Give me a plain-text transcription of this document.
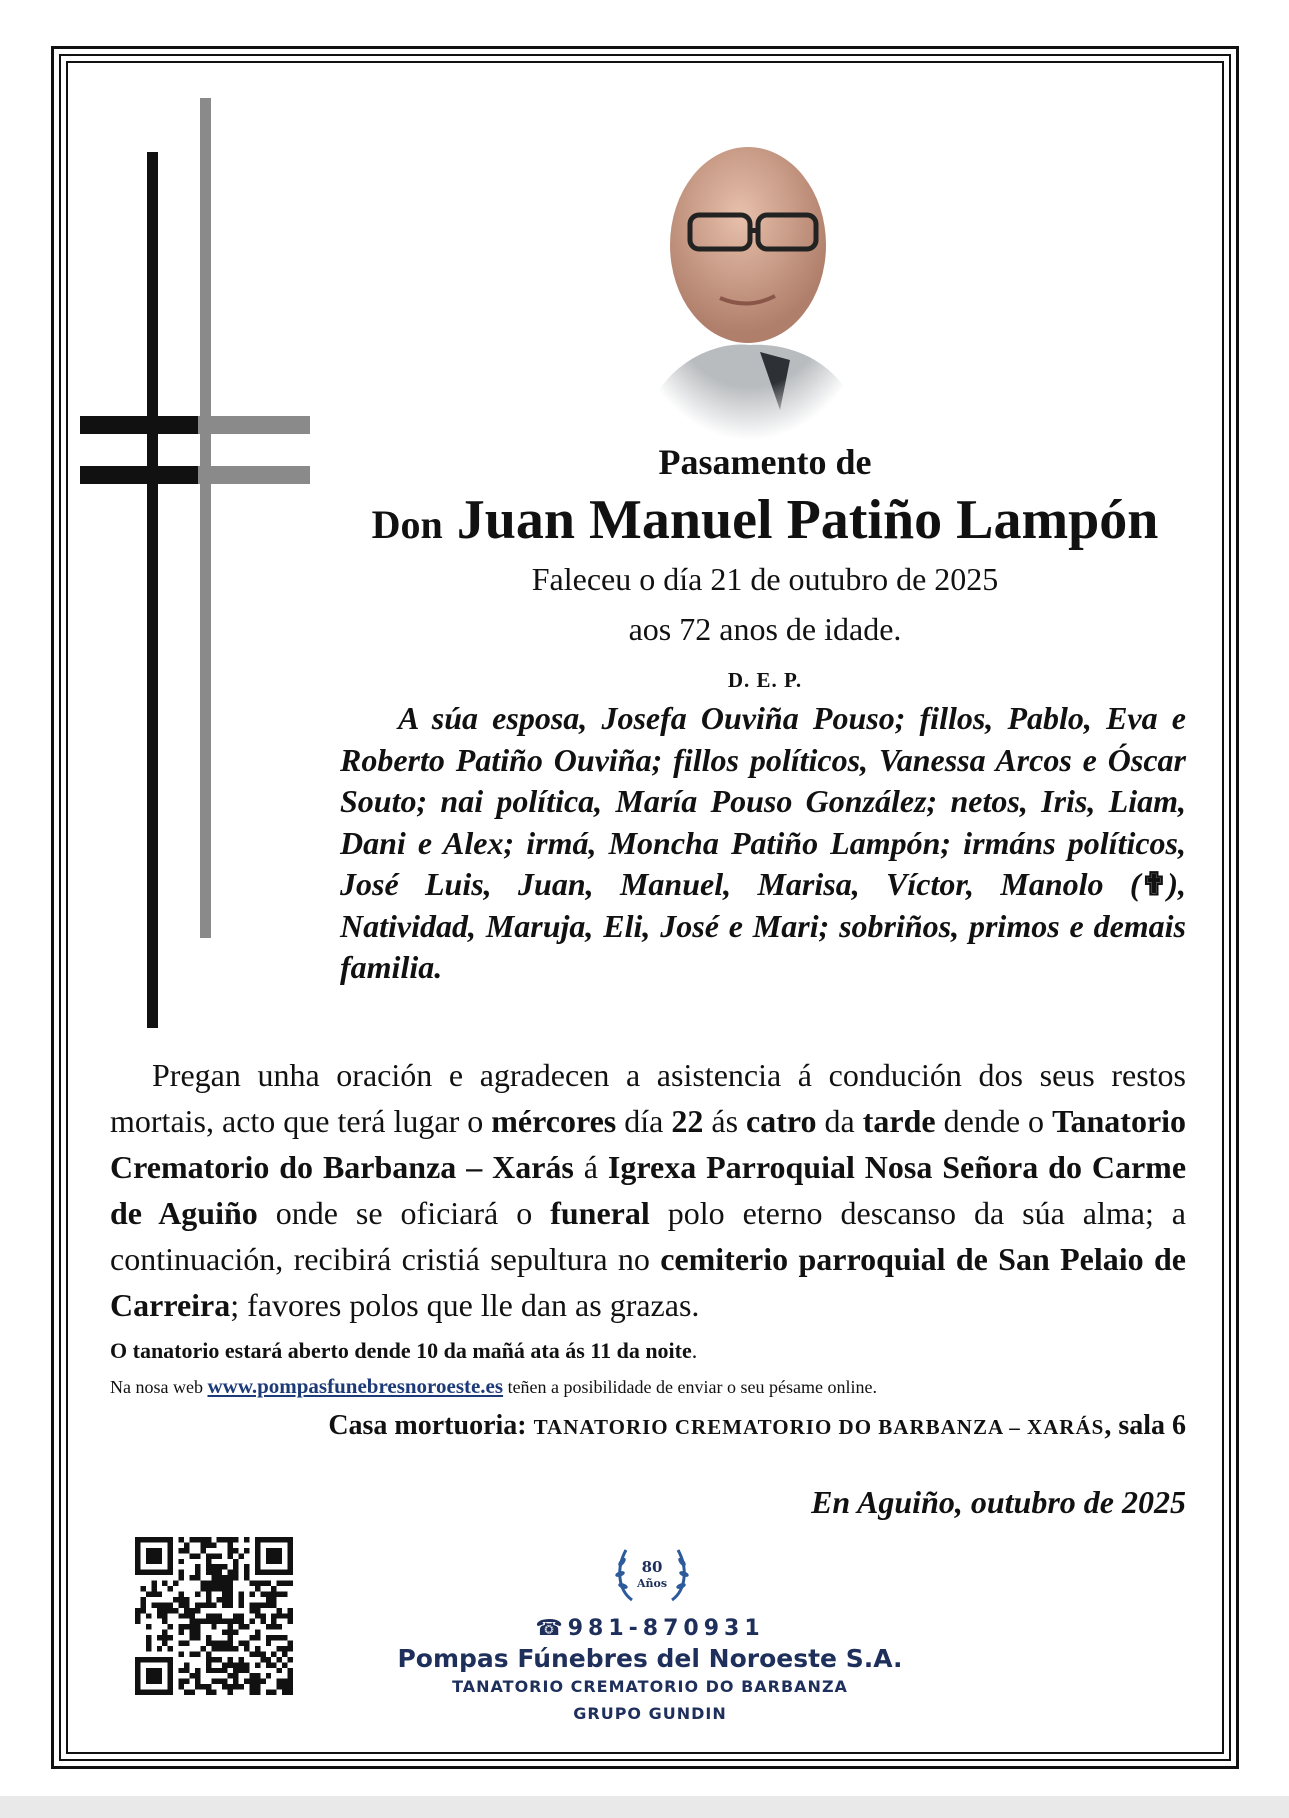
Pasamento de
Don Juan Manuel Patiño Lampón
Faleceu o día 21 de outubro de 2025
aos 72 anos de idade.
D. E. P.
A súa esposa, Josefa Ouviña Pouso; fillos, Pablo, Eva e Roberto Patiño Ouviña; fillos políticos, Vanessa Arcos e Óscar Souto; nai política, María Pouso González; netos, Iris, Liam, Dani e Alex; irmá, Moncha Patiño Lampón; irmáns políticos, José Luis, Juan, Manuel, Marisa, Víctor, Manolo (✟), Natividad, Maruja, Eli, José e Mari; sobriños, primos e demais familia.
Pregan unha oración e agradecen a asistencia á condución dos seus restos mortais, acto que terá lugar o mércores día 22 ás catro da tarde dende o Tanatorio Crematorio do Barbanza – Xarás á Igrexa Parroquial Nosa Señora do Carme de Aguiño onde se oficiará o funeral polo eterno descanso da súa alma; a continuación, recibirá cristiá sepultura no cemiterio parroquial de San Pelaio de Carreira; favores polos que lle dan as grazas.
O tanatorio estará aberto dende 10 da mañá ata ás 11 da noite.
Na nosa web www.pompasfunebresnoroeste.es teñen a posibilidade de enviar o seu pésame online.
Casa mortuoria: TANATORIO CREMATORIO DO BARBANZA – XARÁS, sala 6
En Aguiño, outubro de 2025
80
Años
☎981-870931
Pompas Fúnebres del Noroeste S.A.
TANATORIO CREMATORIO DO BARBANZA
GRUPO GUNDIN
